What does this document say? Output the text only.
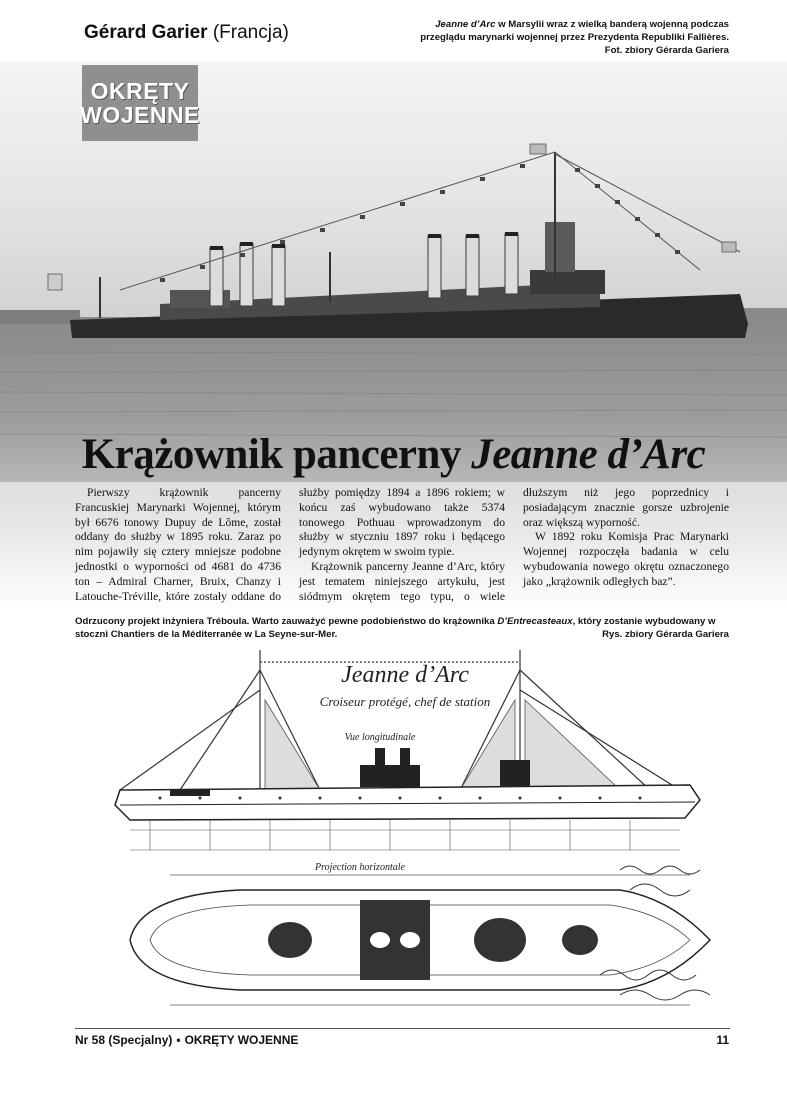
Gérard Garier (Francja)	Jeanne d’Arc w Marsylii wraz z wielką banderą wojenną podczas przeglądu marynarki wojennej przez Prezydenta Republiki Fallières.
Fot. zbiory Gérarda Gariera
OKRĘTY
WOJENNE
Krążownik pancerny Jeanne d’Arc

Pierwszy krążownik pancerny Francuskiej Marynarki Wojennej, którym był 6676 tonowy Dupuy de Lôme, został oddany do służby w 1895 roku. Zaraz po nim pojawiły się cztery mniejsze podobne jednostki o wyporności od 4681 do 4736 ton – Admiral Charner, Bruix, Chanzy i Latouche-Tréville, które zostały oddane do służby pomiędzy 1894 a 1896 rokiem; w końcu zaś wybudowano także 5374 tonowego Pothuau wprowadzonym do służby w styczniu 1897 roku i będącego jedynym okrętem w swoim typie.

Krążownik pancerny Jeanne d’Arc, który jest tematem niniejszego artykułu, jest siódmym okrętem tego typu, o wiele dłuższym niż jego poprzednicy i posiadającym znacznie gorsze uzbrojenie oraz większą wyporność.

W 1892 roku Komisja Prac Marynarki Wojennej rozpoczęła badania w celu wybudowania nowego okrętu oznaczonego jako „krążownik odległych baz”.

Odrzucony projekt inżyniera Tréboula. Warto zauważyć pewne podobieństwo do krążownika D’Entrecasteaux, który zostanie wybudowany w stoczni Chantiers de la Méditerranée w La Seyne-sur-Mer.	Rys. zbiory Gérarda Gariera
Jeanne d’Arc
Croiseur protégé, chef de station
Vue longitudinale
Projection horizontale
Nr 58 (Specjalny) • OKRĘTY WOJENNE	11
